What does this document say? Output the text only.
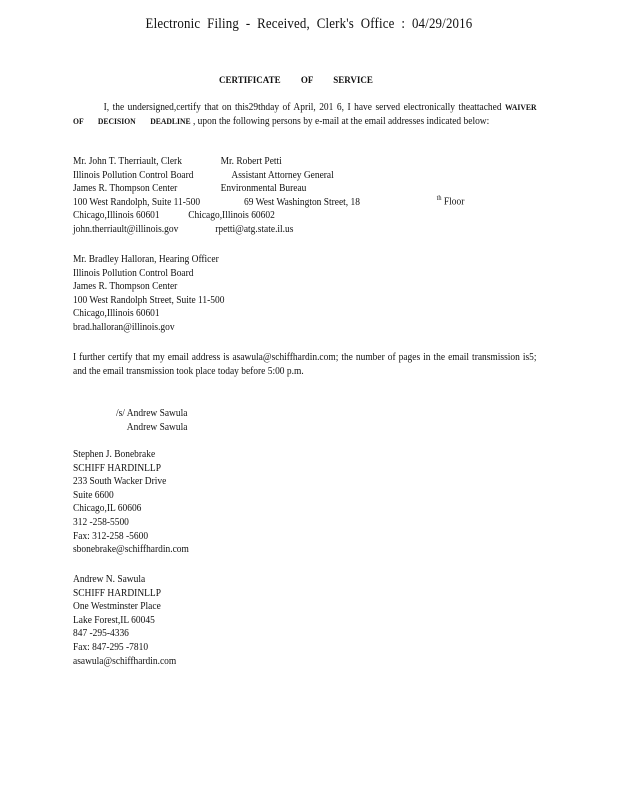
Electronic Filing - Received, Clerk's Office : 04/29/2016
CERTIFICATE OF SERVICE
I, the undersigned,certify that on this29thday of April, 201 6, I have served electronically theattached WAIVER OF DECISION DEADLINE , upon the following persons by e-mail at the email addresses indicated below:
Mr. John T. Therriault, Clerk
Illinois Pollution Control Board
James R. Thompson Center
100 West Randolph, Suite 11-500
Chicago,Illinois 60601
john.therriault@illinois.gov
Mr. Robert Petti
Assistant Attorney General
Environmental Bureau
69 West Washington Street, 18
Chicago,Illinois 60602
rpetti@atg.state.il.us
$^{th}$ Floor
Mr. Bradley Halloran, Hearing Officer
Illinois Pollution Control Board
James R. Thompson Center
100 West Randolph Street, Suite 11-500
Chicago,Illinois 60601
brad.halloran@illinois.gov
I further certify that my email address is asawula@schiffhardin.com; the number of pages in the email transmission is5; and the email transmission took place today before 5:00 p.m.
/s/ Andrew Sawula
Andrew Sawula
Stephen J. Bonebrake
SCHIFF HARDINLLP
233 South Wacker Drive
Suite 6600
Chicago,IL 60606
312 -258-5500
Fax: 312-258 -5600
sbonebrake@schiffhardin.com
Andrew N. Sawula
SCHIFF HARDINLLP
One Westminster Place
Lake Forest,IL 60045
847 -295-4336
Fax: 847-295 -7810
asawula@schiffhardin.com
